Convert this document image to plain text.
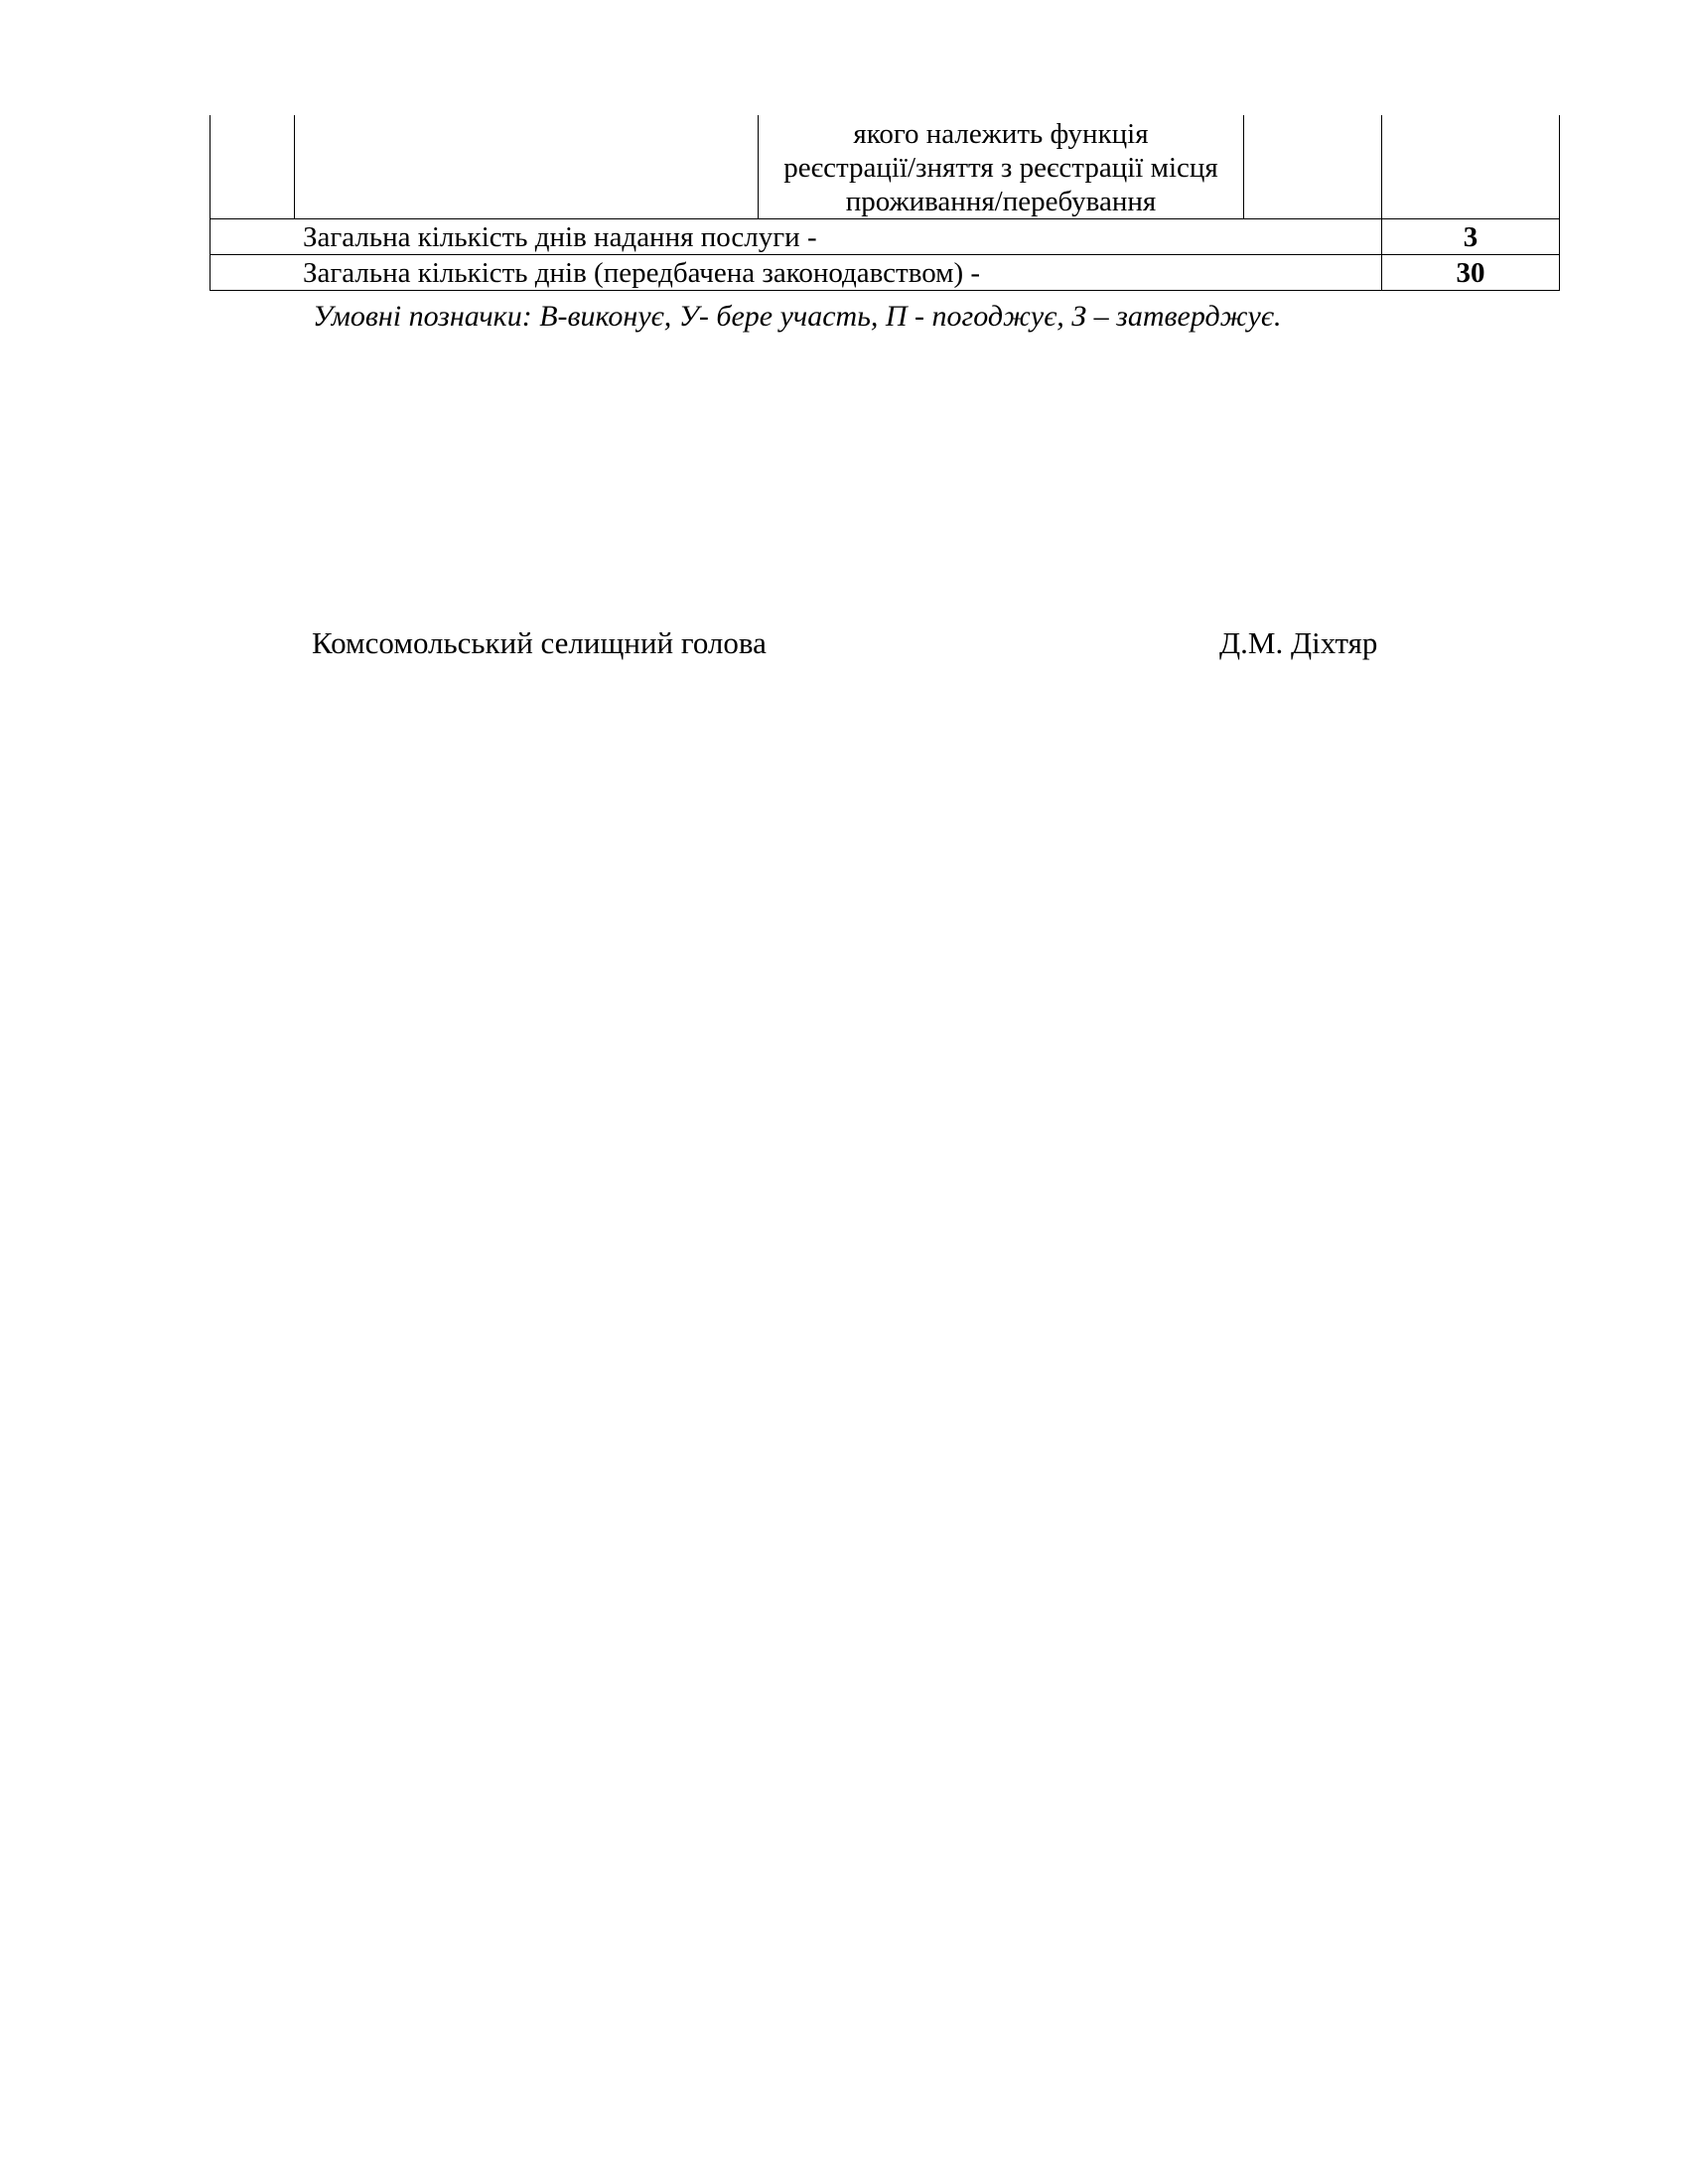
		якого належить функція
реєстрації/зняття з реєстрації місця
проживання/перебування		

Загальна кількість днів надання послуги -				3
Загальна кількість днів (передбачена законодавством) -				30
Умовні позначки: В-виконує, У- бере участь, П - погоджує, З – затверджує.
Комсомольський селищний голова	Д.М. Діхтяр
